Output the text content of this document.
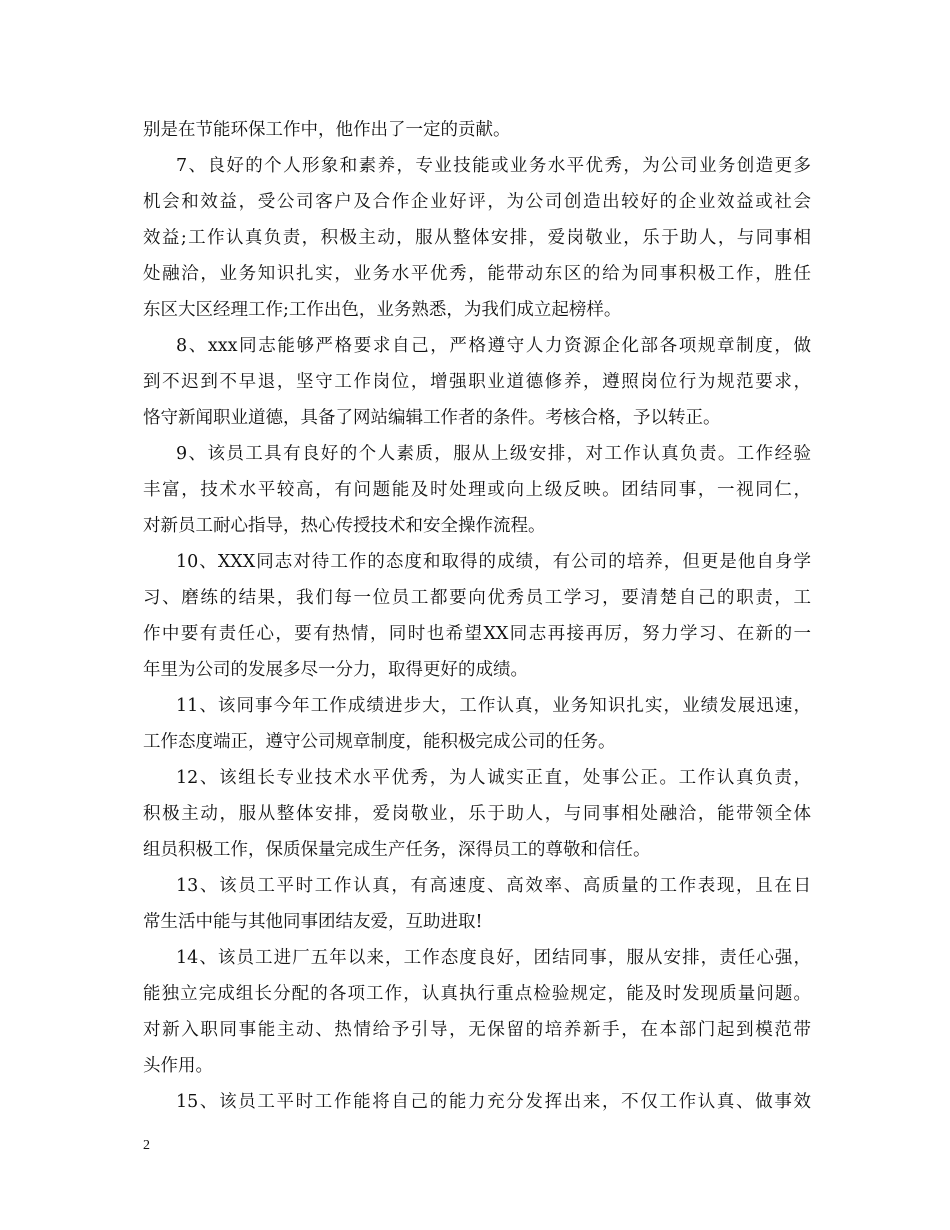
别是在节能环保工作中，他作出了一定的贡献。
7、良好的个人形象和素养，专业技能或业务水平优秀，为公司业务创造更多
机会和效益，受公司客户及合作企业好评，为公司创造出较好的企业效益或社会
效益;工作认真负责，积极主动，服从整体安排，爱岗敬业，乐于助人，与同事相
处融洽，业务知识扎实，业务水平优秀，能带动东区的给为同事积极工作，胜任
东区大区经理工作;工作出色，业务熟悉，为我们成立起榜样。
8、xxx同志能够严格要求自己，严格遵守人力资源企化部各项规章制度，做
到不迟到不早退，坚守工作岗位，增强职业道德修养，遵照岗位行为规范要求，
恪守新闻职业道德，具备了网站编辑工作者的条件。考核合格，予以转正。
9、该员工具有良好的个人素质，服从上级安排，对工作认真负责。工作经验
丰富，技术水平较高，有问题能及时处理或向上级反映。团结同事，一视同仁，
对新员工耐心指导，热心传授技术和安全操作流程。
10、XXX同志对待工作的态度和取得的成绩，有公司的培养，但更是他自身学
习、磨练的结果，我们每一位员工都要向优秀员工学习，要清楚自己的职责，工
作中要有责任心，要有热情，同时也希望XX同志再接再厉，努力学习、在新的一
年里为公司的发展多尽一分力，取得更好的成绩。
11、该同事今年工作成绩进步大，工作认真，业务知识扎实，业绩发展迅速，
工作态度端正，遵守公司规章制度，能积极完成公司的任务。
12、该组长专业技术水平优秀，为人诚实正直，处事公正。工作认真负责，
积极主动，服从整体安排，爱岗敬业，乐于助人，与同事相处融洽，能带领全体
组员积极工作，保质保量完成生产任务，深得员工的尊敬和信任。
13、该员工平时工作认真，有高速度、高效率、高质量的工作表现，且在日
常生活中能与其他同事团结友爱，互助进取!
14、该员工进厂五年以来，工作态度良好，团结同事，服从安排，责任心强，
能独立完成组长分配的各项工作，认真执行重点检验规定，能及时发现质量问题。
对新入职同事能主动、热情给予引导，无保留的培养新手，在本部门起到模范带
头作用。
15、该员工平时工作能将自己的能力充分发挥出来，不仅工作认真、做事效
2
